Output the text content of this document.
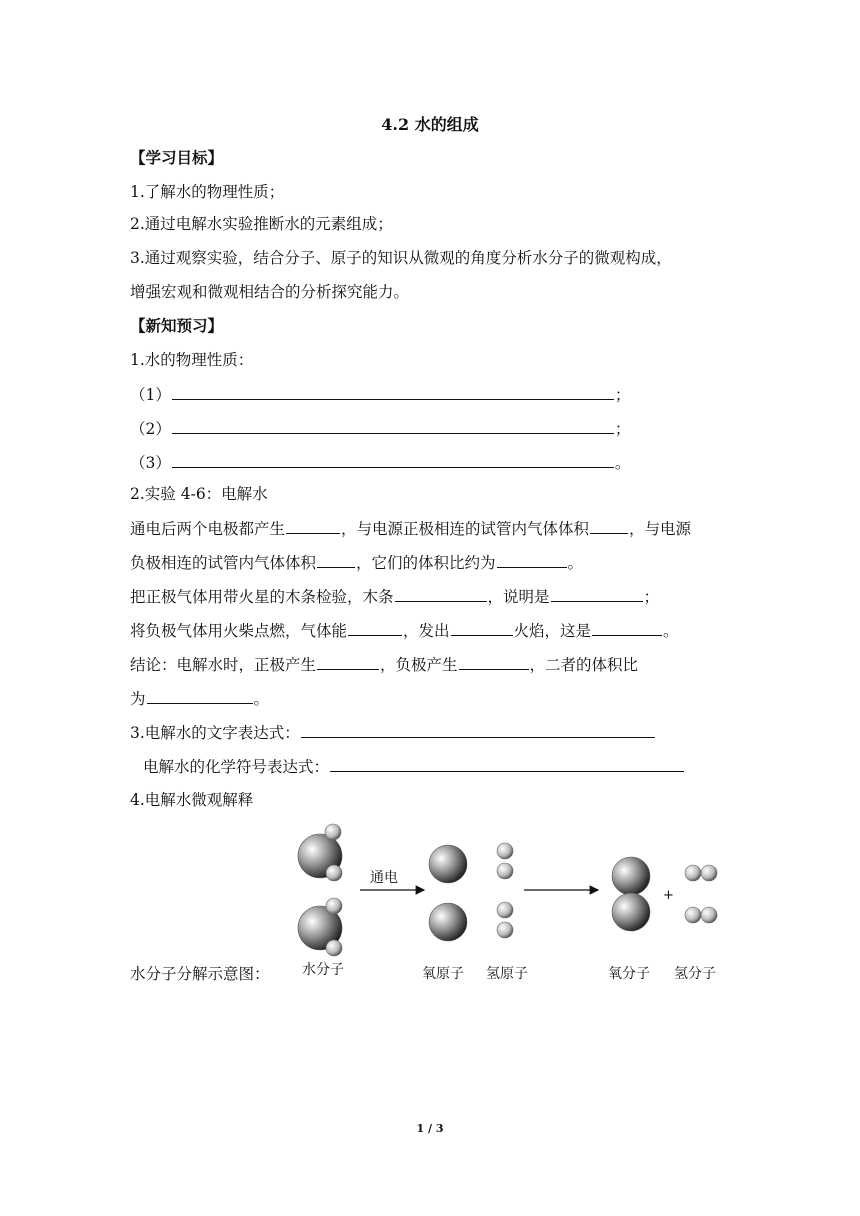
4.2 水的组成
【学习目标】
1.了解水的物理性质；
2.通过电解水实验推断水的元素组成；
3.通过观察实验，结合分子、原子的知识从微观的角度分析水分子的微观构成，
增强宏观和微观相结合的分析探究能力。
【新知预习】
1.水的物理性质：
（1）	；
（2）	；
（3）	。
2.实验 4-6：电解水
通电后两个电极都产生	，与电源正极相连的试管内气体体积	，与电源
负极相连的试管内气体体积	，它们的体积比约为	。
把正极气体用带火星的木条检验，木条	，说明是	；
将负极气体用火柴点燃，气体能	，发出	火焰，这是	。
结论：电解水时，正极产生	，负极产生	，二者的体积比
为	。
3.电解水的文字表达式：
电解水的化学符号表达式：
4.电解水微观解释
水分子分解示意图：
通电
+
水分子	氧原子 氢原子	氧分子 氢分子
1 / 3
